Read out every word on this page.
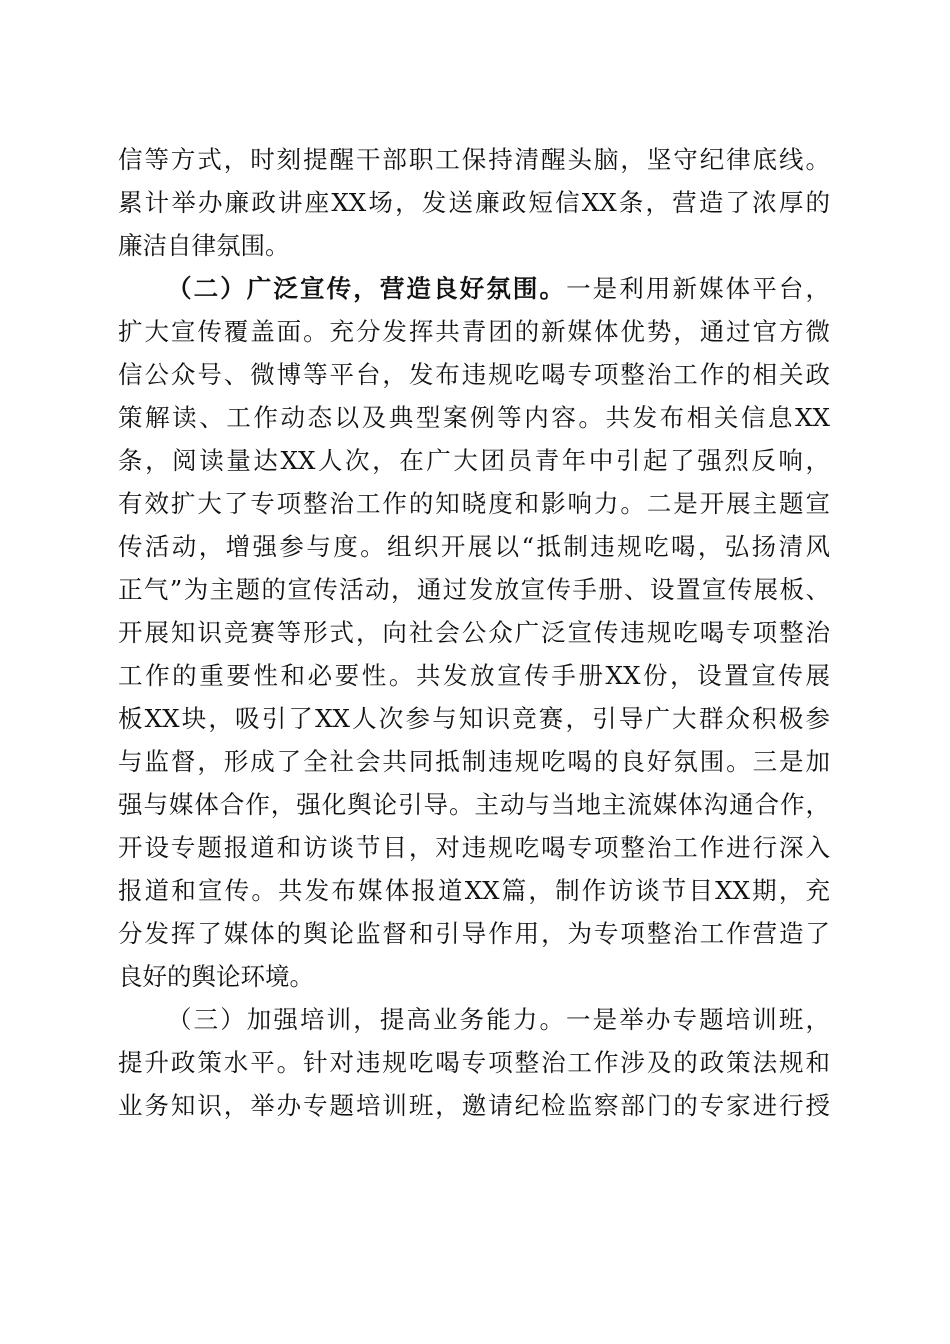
信等方式，时刻提醒干部职工保持清醒头脑，坚守纪律底线。
累计举办廉政讲座XX场，发送廉政短信XX条，营造了浓厚的
廉洁自律氛围。
（二）广泛宣传，营造良好氛围。一是利用新媒体平台，
扩大宣传覆盖面。充分发挥共青团的新媒体优势，通过官方微
信公众号、微博等平台，发布违规吃喝专项整治工作的相关政
策解读、工作动态以及典型案例等内容。共发布相关信息XX
条，阅读量达XX人次，在广大团员青年中引起了强烈反响，
有效扩大了专项整治工作的知晓度和影响力。二是开展主题宣
传活动，增强参与度。组织开展以“抵制违规吃喝，弘扬清风
正气”为主题的宣传活动，通过发放宣传手册、设置宣传展板、
开展知识竞赛等形式，向社会公众广泛宣传违规吃喝专项整治
工作的重要性和必要性。共发放宣传手册XX份，设置宣传展
板XX块，吸引了XX人次参与知识竞赛，引导广大群众积极参
与监督，形成了全社会共同抵制违规吃喝的良好氛围。三是加
强与媒体合作，强化舆论引导。主动与当地主流媒体沟通合作，
开设专题报道和访谈节目，对违规吃喝专项整治工作进行深入
报道和宣传。共发布媒体报道XX篇，制作访谈节目XX期，充
分发挥了媒体的舆论监督和引导作用，为专项整治工作营造了
良好的舆论环境。
（三）加强培训，提高业务能力。一是举办专题培训班，
提升政策水平。针对违规吃喝专项整治工作涉及的政策法规和
业务知识，举办专题培训班，邀请纪检监察部门的专家进行授
